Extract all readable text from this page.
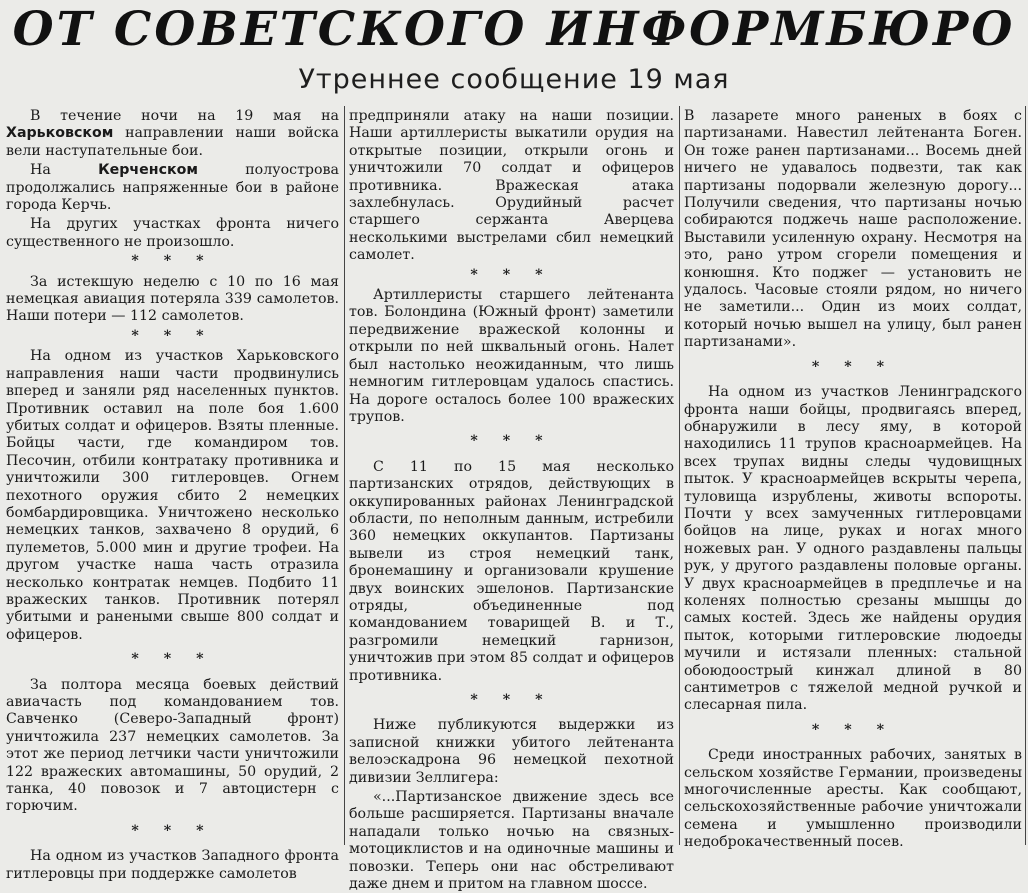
ОТ СОВЕТСКОГО ИНФОРМБЮРО
Утреннее сообщение 19 мая

В течение ночи на 19 мая на Харьковском направлении наши войска вели наступательные бои.

На Керченском полуострова продолжались напряженные бои в районе города Керчь.

На других участках фронта ничего существенного не произошло.

* * *

За истекшую неделю с 10 по 16 мая немецкая авиация потеряла 339 самолетов. Наши потери — 112 самолетов.

* * *

На одном из участков Харьковского направления наши части продвинулись вперед и заняли ряд населенных пунктов. Противник оставил на поле боя 1.600 убитых солдат и офицеров. Взяты пленные. Бойцы части, где командиром тов. Песочин, отбили контратаку противника и уничтожили 300 гитлеровцев. Огнем пехотного оружия сбито 2 немецких бомбардировщика. Уничтожено несколько немецких танков, захвачено 8 орудий, 6 пулеметов, 5.000 мин и другие трофеи. На другом участке наша часть отразила несколько контратак немцев. Подбито 11 вражеских танков. Противник потерял убитыми и ранеными свыше 800 солдат и офицеров.

* * *

За полтора месяца боевых действий авиачасть под командованием тов. Савченко (Северо-Западный фронт) уничтожила 237 немецких самолетов. За этот же период летчики части уничтожили 122 вражеских автомашины, 50 орудий, 2 танка, 40 повозок и 7 автоцистерн с горючим.

* * *

На одном из участков Западного фронта гитлеровцы при поддержке самолетов

предприняли атаку на наши позиции. Наши артиллеристы выкатили орудия на открытые позиции, открыли огонь и уничтожили 70 солдат и офицеров противника. Вражеская атака захлебнулась. Орудийный расчет старшего сержанта Аверцева несколькими выстрелами сбил немецкий самолет.

* * *

Артиллеристы старшего лейтенанта тов. Болондина (Южный фронт) заметили передвижение вражеской колонны и открыли по ней шквальный огонь. Налет был настолько неожиданным, что лишь немногим гитлеровцам удалось спастись. На дороге осталось более 100 вражеских трупов.

* * *

С 11 по 15 мая несколько партизанских отрядов, действующих в оккупированных районах Ленинградской области, по неполным данным, истребили 360 немецких оккупантов. Партизаны вывели из строя немецкий танк, бронемашину и организовали крушение двух воинских эшелонов. Партизанские отряды, объединенные под командованием товарищей В. и Т., разгромили немецкий гарнизон, уничтожив при этом 85 солдат и офицеров противника.

* * *

Ниже публикуются выдержки из записной книжки убитого лейтенанта велоэскадрона 96 немецкой пехотной дивизии Зеллигера:

«...Партизанское движение здесь все больше расширяется. Партизаны вначале нападали только ночью на связных-мотоциклистов и на одиночные машины и повозки. Теперь они нас обстреливают даже днем и притом на главном шоссе.

В лазарете много раненых в боях с партизанами. Навестил лейтенанта Боген. Он тоже ранен партизанами... Восемь дней ничего не удавалось подвезти, так как партизаны подорвали железную дорогу... Получили сведения, что партизаны ночью собираются поджечь наше расположение. Выставили усиленную охрану. Несмотря на это, рано утром сгорели помещения и конюшня. Кто поджег — установить не удалось. Часовые стояли рядом, но ничего не заметили... Один из моих солдат, который ночью вышел на улицу, был ранен партизанами».

* * *

На одном из участков Ленинградского фронта наши бойцы, продвигаясь вперед, обнаружили в лесу яму, в которой находились 11 трупов красноармейцев. На всех трупах видны следы чудовищных пыток. У красноармейцев вскрыты черепа, туловища изрублены, животы вспороты. Почти у всех замученных гитлеровцами бойцов на лице, руках и ногах много ножевых ран. У одного раздавлены пальцы рук, у другого раздавлены половые органы. У двух красноармейцев в предплечье и на коленях полностью срезаны мышцы до самых костей. Здесь же найдены орудия пыток, которыми гитлеровские людоеды мучили и истязали пленных: стальной обоюдоострый кинжал длиной в 80 сантиметров с тяжелой медной ручкой и слесарная пила.

* * *

Среди иностранных рабочих, занятых в сельском хозяйстве Германии, произведены многочисленные аресты. Как сообщают, сельскохозяйственные рабочие уничтожали семена и умышленно производили недоброкачественный посев.
